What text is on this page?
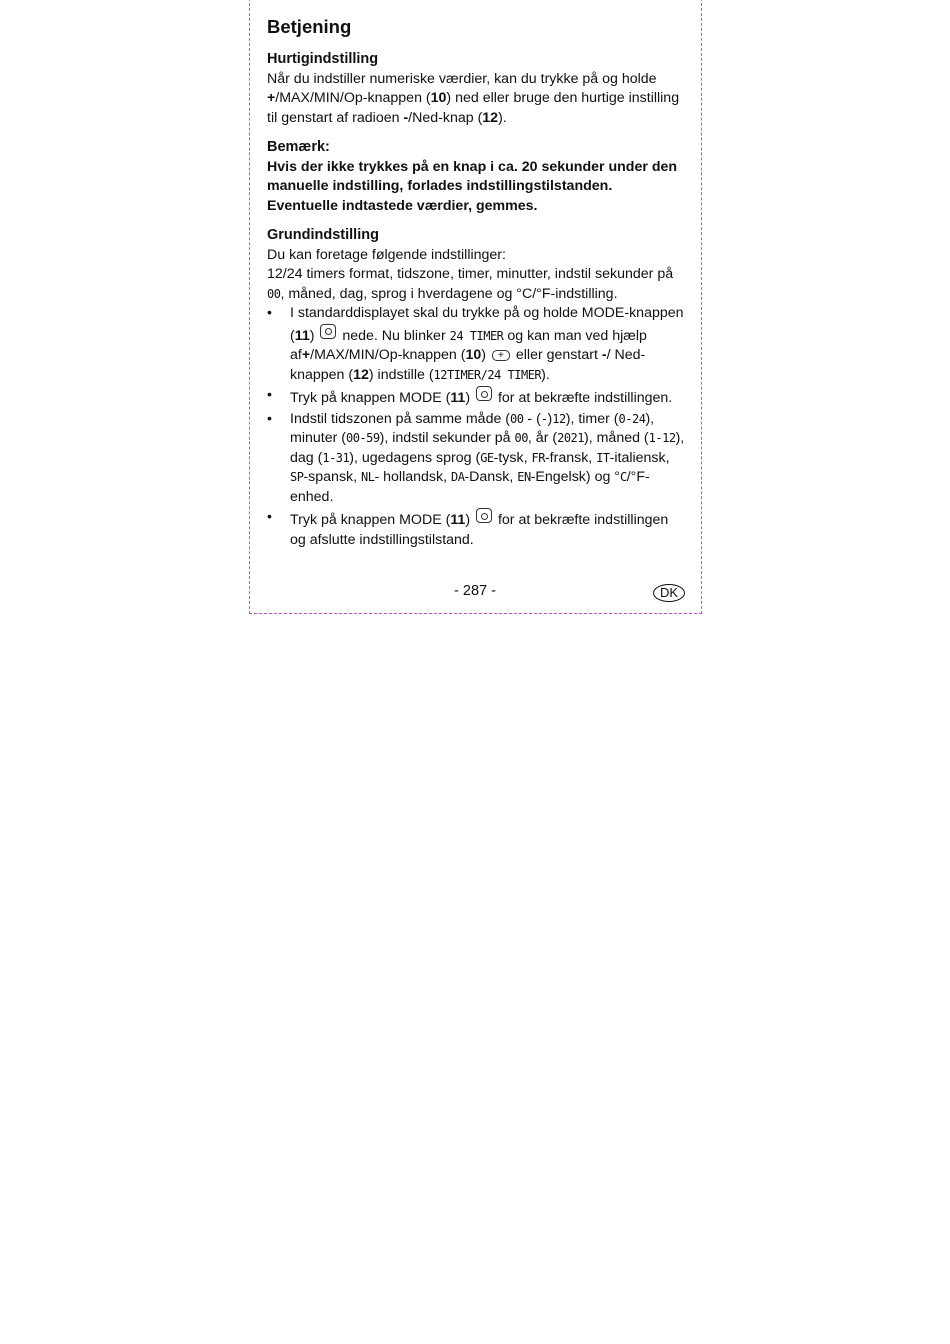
Betjening
Hurtigindstilling

Når du indstiller numeriske værdier, kan du trykke på og holde
+/MAX/MIN/Op-knappen (10) ned eller bruge den hurtige instilling til genstart af radioen -/Ned-knap (12).

Bemærk:

Hvis der ikke trykkes på en knap i ca. 20 sekunder under den manuelle indstilling, forlades indstillingstilstanden. Eventuelle indtastede værdier, gemmes.

Grundindstilling

Du kan foretage følgende indstillinger:
12/24 timers format, tidszone, timer, minutter, indstil sekunder på 00, måned, dag, sprog i hverdagene og °C/°F-indstilling.

• I standarddisplayet skal du trykke på og holde MODE-knappen (11)  nede. Nu blinker 24 TIMER og kan man ved hjælp af+/MAX/MIN/Op-knappen (10) + eller genstart -/ Ned-knappen (12) indstille (12TIMER/24 TIMER).
• Tryk på knappen MODE (11)  for at bekræfte indstillingen.
• Indstil tidszonen på samme måde (00 - (-)12), timer (0-24), minuter (00-59), indstil sekunder på 00, år (2021), måned (1-12), dag (1-31), ugedagens sprog (GE-tysk, FR-fransk, IT-italiensk, SP-spansk, NL- hollandsk, DA-Dansk, EN-Engelsk) og °C/°F-enhed.
• Tryk på knappen MODE (11)  for at bekræfte indstillingen og afslutte indstillingstilstand.
- 287 -	DK
